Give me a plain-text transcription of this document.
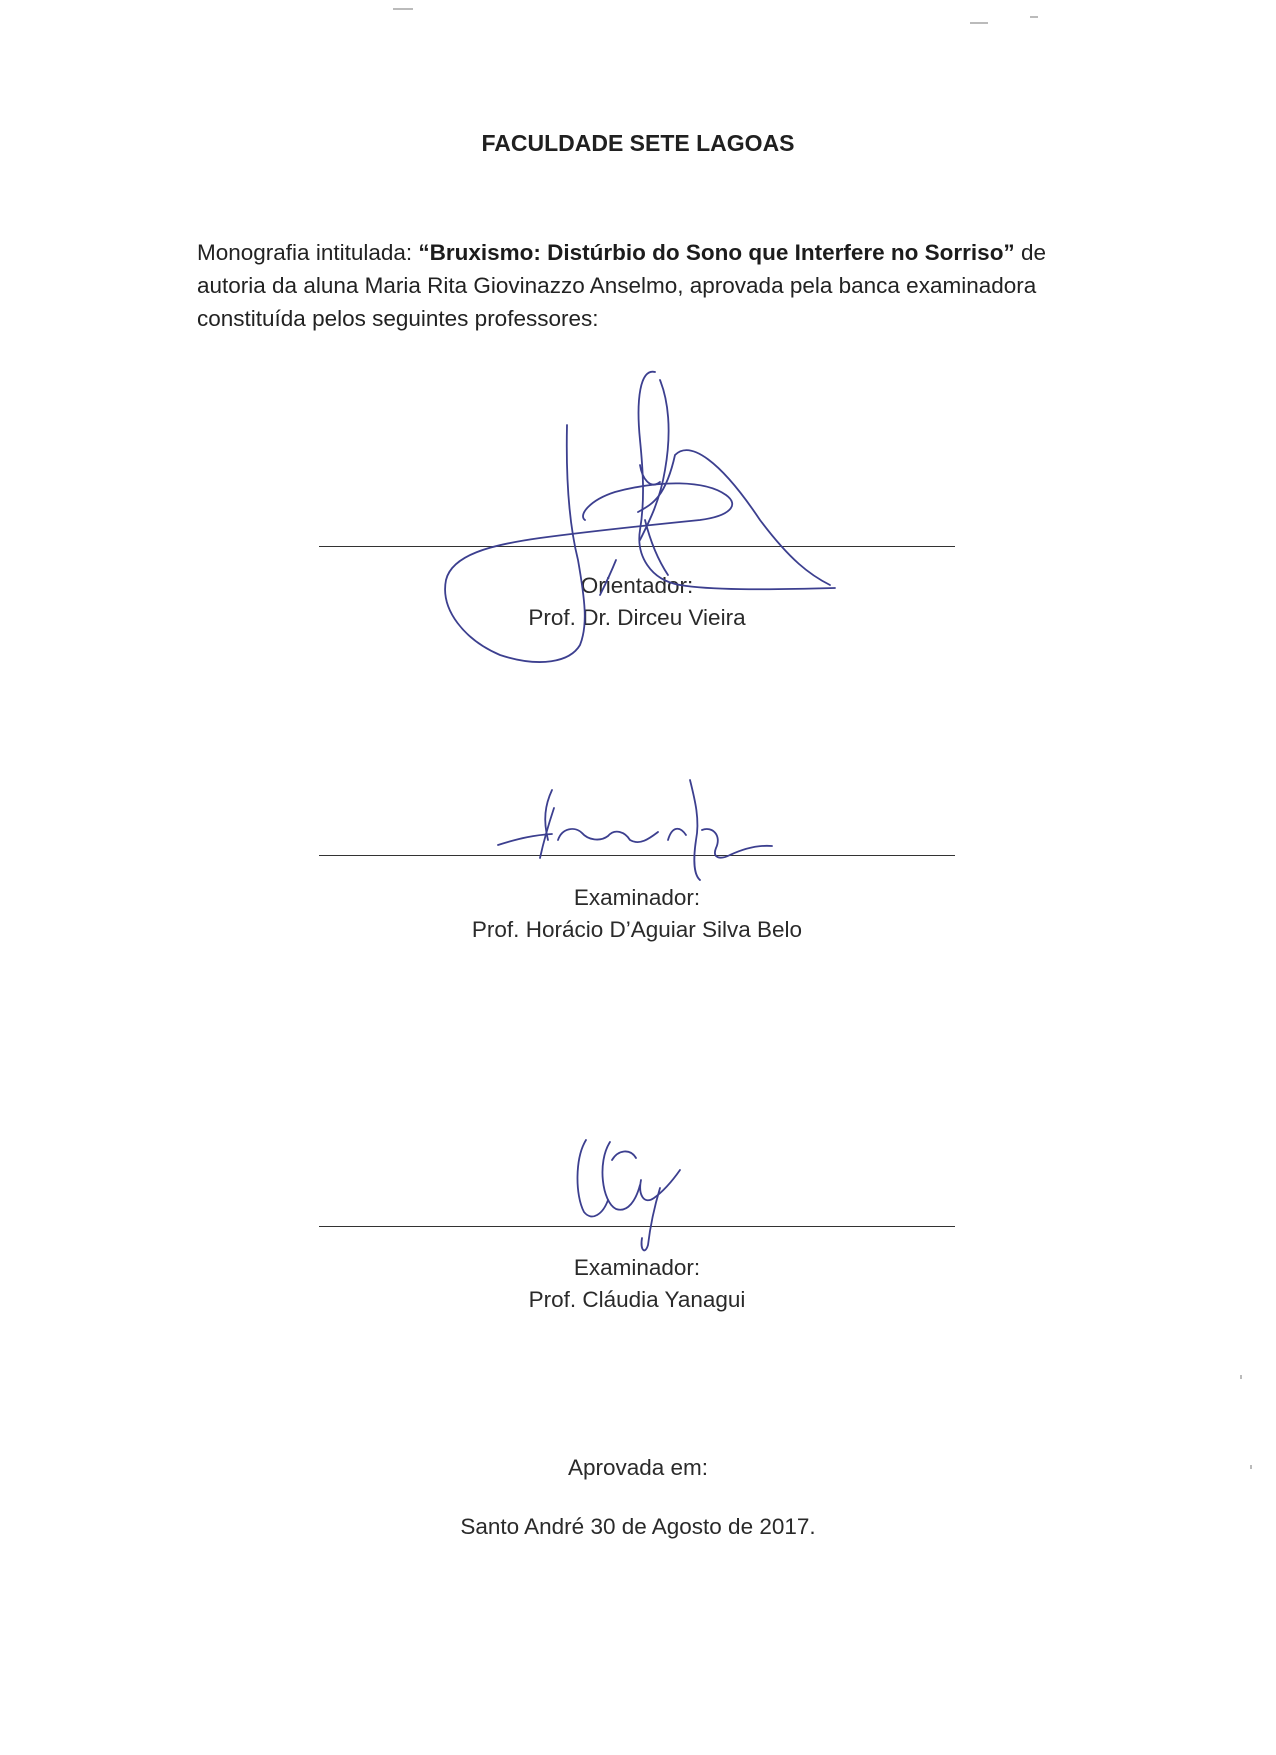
FACULDADE SETE LAGOAS
Monografia intitulada: “Bruxismo: Distúrbio do Sono que Interfere no Sorriso” de autoria da aluna Maria Rita Giovinazzo Anselmo, aprovada pela banca examinadora constituída pelos seguintes professores:
Orientador:
Prof. Dr. Dirceu Vieira
Examinador:
Prof. Horácio D’Aguiar Silva Belo
Examinador:
Prof. Cláudia Yanagui
Aprovada em:
Santo André 30 de Agosto de 2017.
